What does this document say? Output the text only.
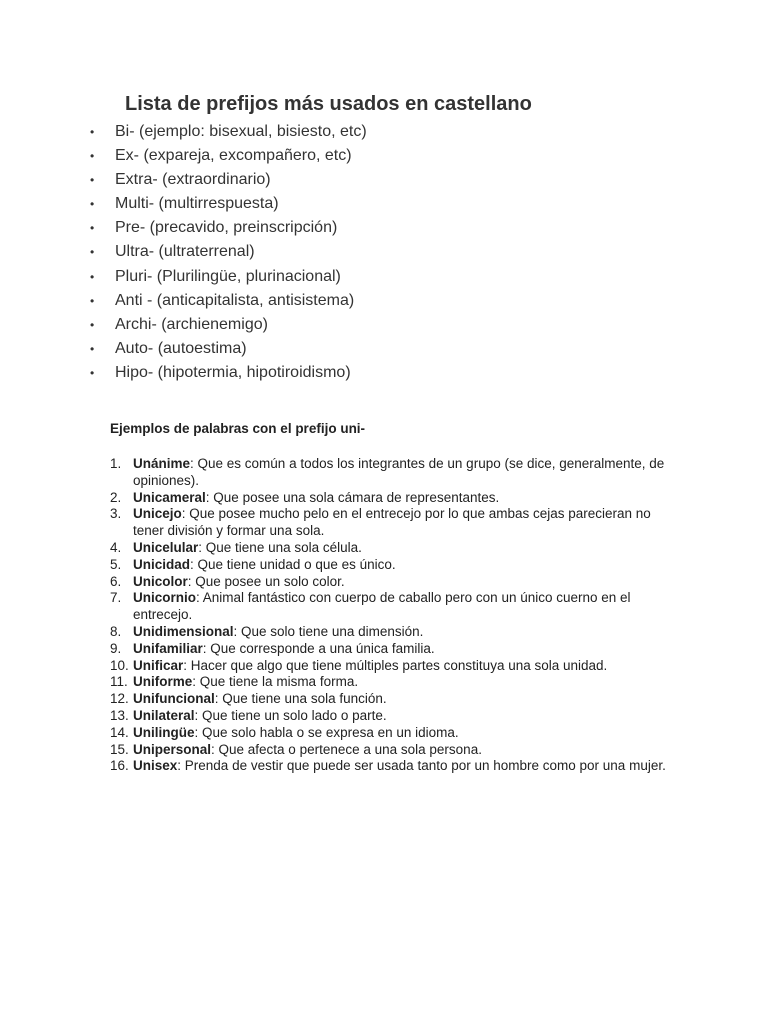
Lista de prefijos más usados en castellano
• Bi- (ejemplo: bisexual, bisiesto, etc)
• Ex- (expareja, excompañero, etc)
• Extra- (extraordinario)
• Multi- (multirrespuesta)
• Pre- (precavido, preinscripción)
• Ultra- (ultraterrenal)
• Pluri- (Plurilingüe, plurinacional)
• Anti - (anticapitalista, antisistema)
• Archi- (archienemigo)
• Auto- (autoestima)
• Hipo- (hipotermia, hipotiroidismo)
Ejemplos de palabras con el prefijo uni-
1. Unánime: Que es común a todos los integrantes de un grupo (se dice, generalmente, de opiniones).
2. Unicameral: Que posee una sola cámara de representantes.
3. Unicejo: Que posee mucho pelo en el entrecejo por lo que ambas cejas parecieran no tener división y formar una sola.
4. Unicelular: Que tiene una sola célula.
5. Unicidad: Que tiene unidad o que es único.
6. Unicolor: Que posee un solo color.
7. Unicornio: Animal fantástico con cuerpo de caballo pero con un único cuerno en el entrecejo.
8. Unidimensional: Que solo tiene una dimensión.
9. Unifamiliar: Que corresponde a una única familia.
10. Unificar: Hacer que algo que tiene múltiples partes constituya una sola unidad.
11. Uniforme: Que tiene la misma forma.
12. Unifuncional: Que tiene una sola función.
13. Unilateral: Que tiene un solo lado o parte.
14. Unilingüe: Que solo habla o se expresa en un idioma.
15. Unipersonal: Que afecta o pertenece a una sola persona.
16. Unisex: Prenda de vestir que puede ser usada tanto por un hombre como por una mujer.
